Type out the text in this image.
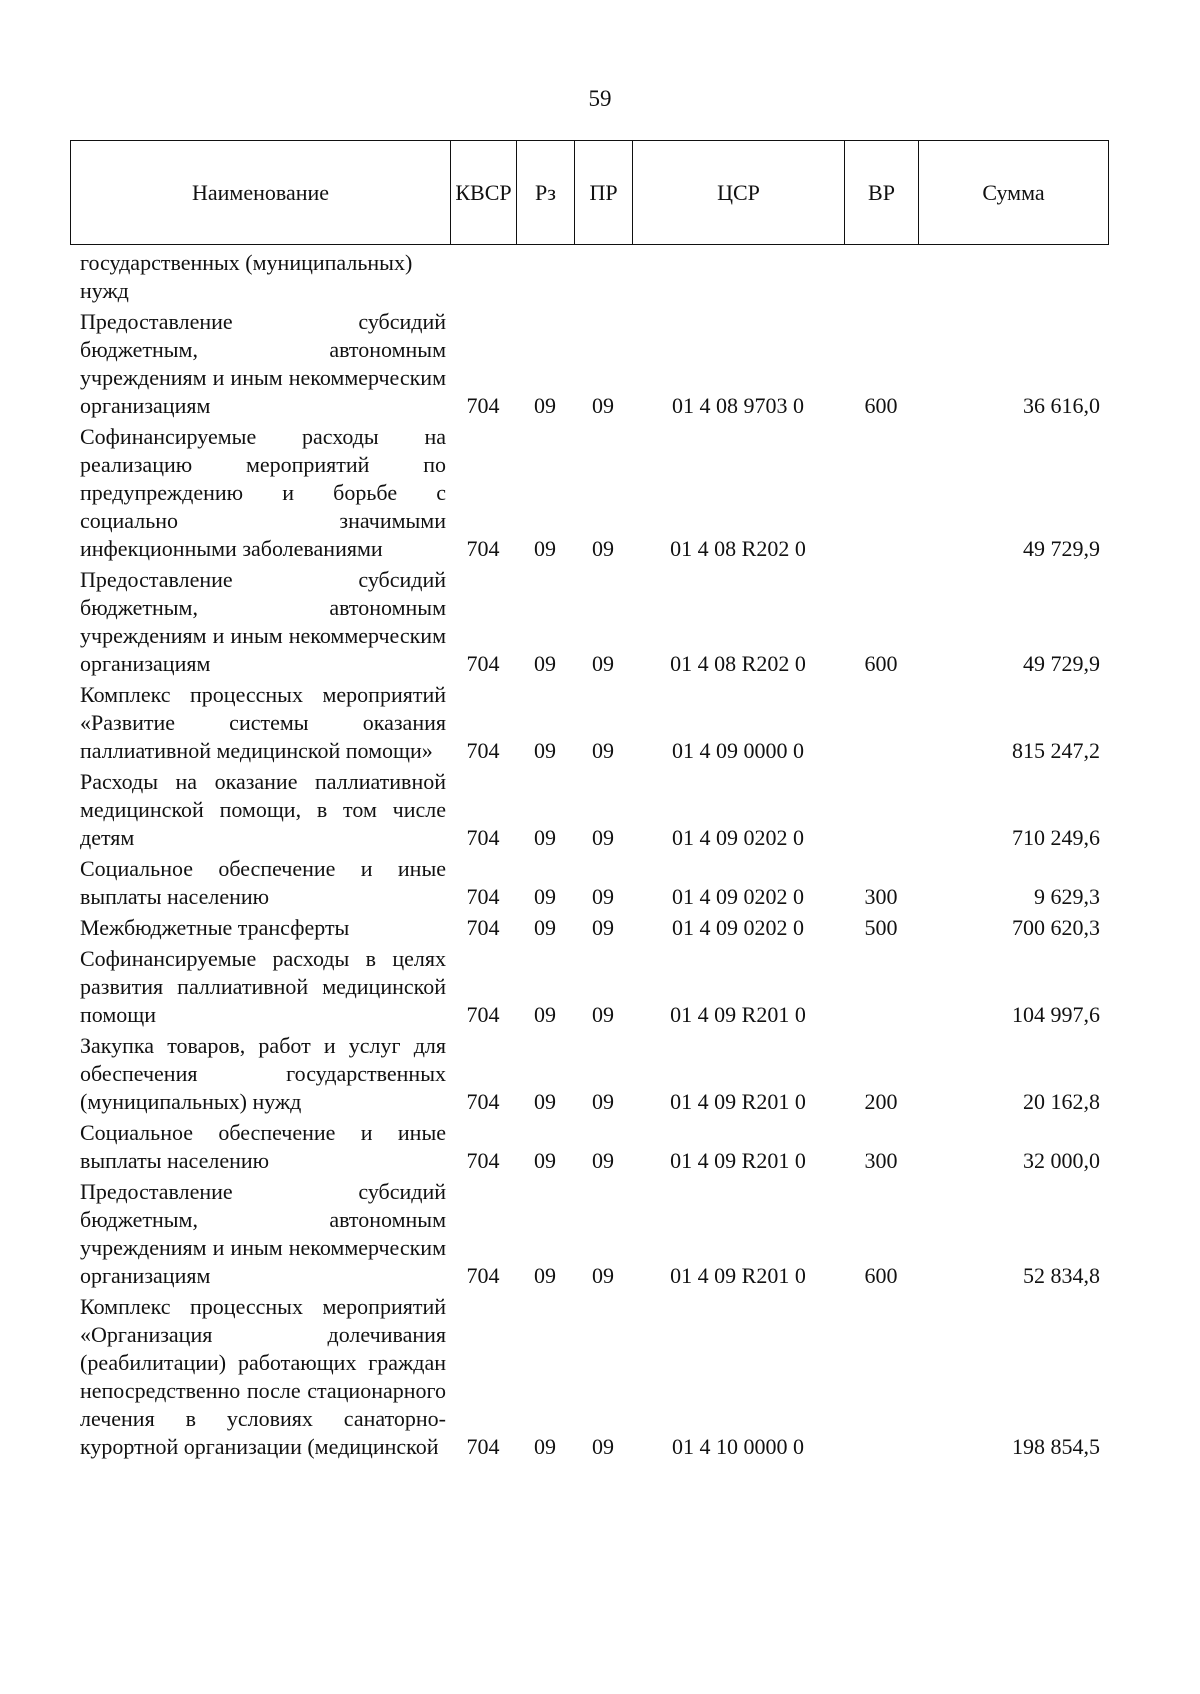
59
Наименование	КВСР	Рз	ПР	ЦСР	ВР	Сумма
государственных (муниципальных) нужд						

Предоставление субсидий бюджетным, автономным учреждениям и иным некоммерческим организациям	704	09	09	01 4 08 9703 0	600	36 616,0

Софинансируемые расходы на реализацию мероприятий по предупреждению и борьбе с социально значимыми инфекционными заболеваниями	704	09	09	01 4 08 R202 0		49 729,9

Предоставление субсидий бюджетным, автономным учреждениям и иным некоммерческим организациям	704	09	09	01 4 08 R202 0	600	49 729,9

Комплекс процессных мероприятий «Развитие системы оказания паллиативной медицинской помощи»	704	09	09	01 4 09 0000 0		815 247,2

Расходы на оказание паллиативной медицинской помощи, в том числе детям	704	09	09	01 4 09 0202 0		710 249,6

Социальное обеспечение и иные выплаты населению	704	09	09	01 4 09 0202 0	300	9 629,3

Межбюджетные трансферты	704	09	09	01 4 09 0202 0	500	700 620,3

Софинансируемые расходы в целях развития паллиативной медицинской помощи	704	09	09	01 4 09 R201 0		104 997,6

Закупка товаров, работ и услуг для обеспечения государственных (муниципальных) нужд	704	09	09	01 4 09 R201 0	200	20 162,8

Социальное обеспечение и иные выплаты населению	704	09	09	01 4 09 R201 0	300	32 000,0

Предоставление субсидий бюджетным, автономным учреждениям и иным некоммерческим организациям	704	09	09	01 4 09 R201 0	600	52 834,8

Комплекс процессных мероприятий «Организация долечивания (реабилитации) работающих граждан непосредственно после стационарного лечения в условиях санаторно-курортной организации (медицинской	704	09	09	01 4 10 0000 0		198 854,5
